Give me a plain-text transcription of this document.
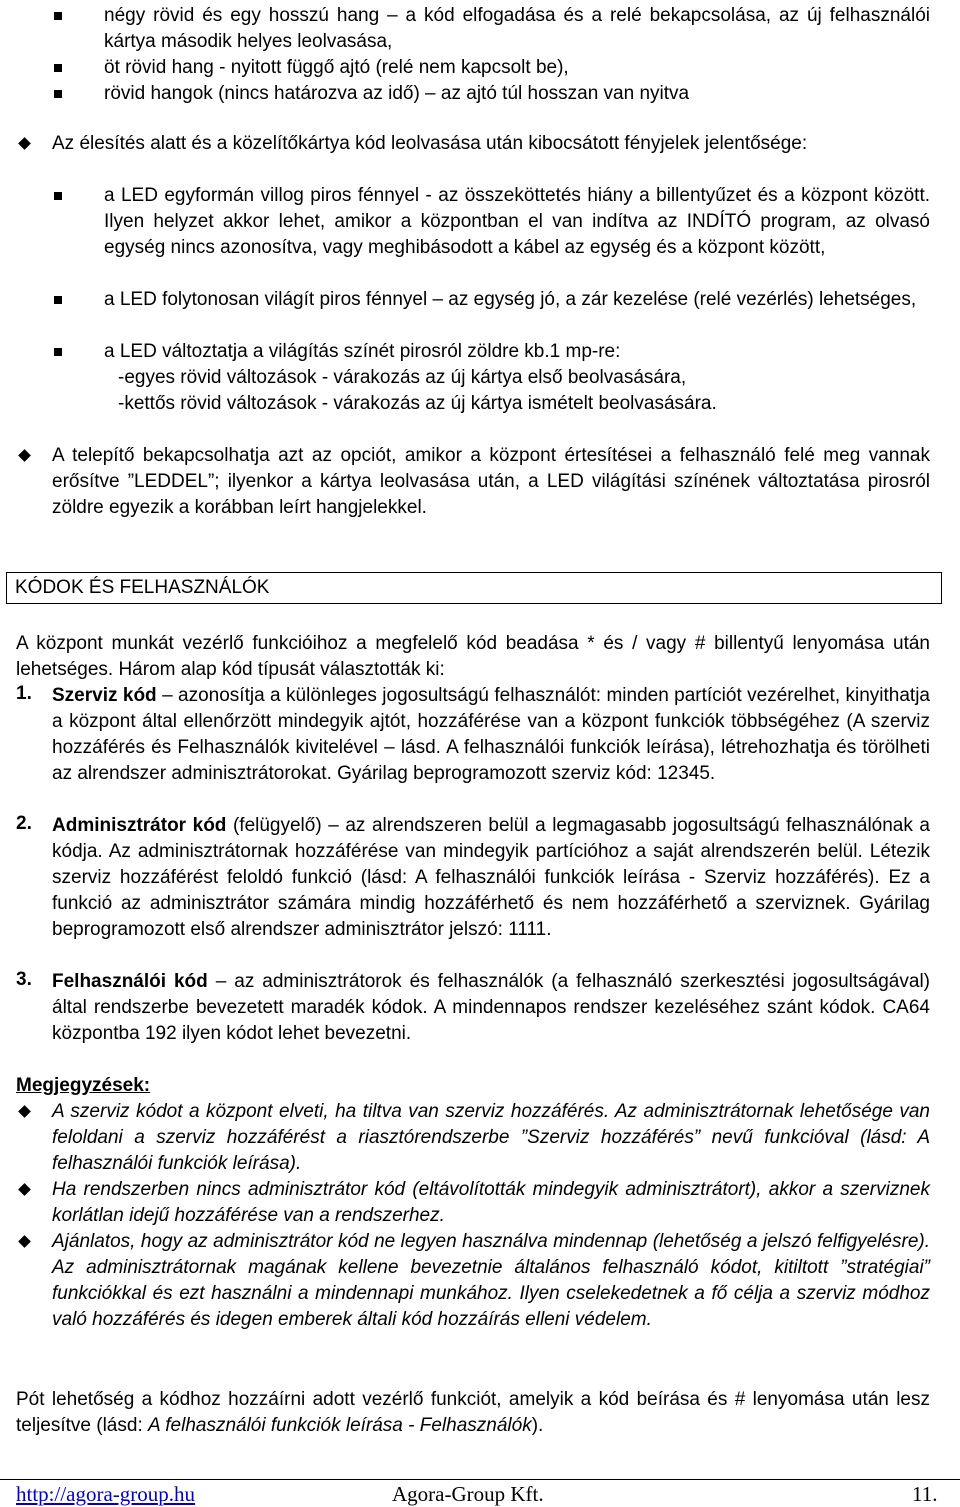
négy rövid és egy hosszú hang – a kód elfogadása és a relé bekapcsolása, az új felhasználói kártya második helyes leolvasása,

öt rövid hang - nyitott függő ajtó (relé nem kapcsolt be),

rövid hangok (nincs határozva az idő) – az ajtó túl hosszan van nyitva

Az élesítés alatt és a közelítőkártya kód leolvasása után kibocsátott fényjelek jelentősége:

a LED egyformán villog piros fénnyel - az összeköttetés hiány a billentyűzet és a központ között. Ilyen helyzet akkor lehet, amikor a központban el van indítva az INDÍTÓ program, az olvasó egység nincs azonosítva, vagy meghibásodott a kábel az egység és a központ között,

a LED folytonosan világít piros fénnyel – az egység jó, a zár kezelése (relé vezérlés) lehetséges,

a LED változtatja a világítás színét pirosról zöldre kb.1 mp-re:

-egyes rövid változások - várakozás az új kártya első beolvasására,

-kettős rövid változások - várakozás az új kártya ismételt beolvasására.

A telepítő bekapcsolhatja azt az opciót, amikor a központ értesítései a felhasználó felé meg vannak erősítve ”LEDDEL”; ilyenkor a kártya leolvasása után, a LED világítási színének változtatása pirosról zöldre egyezik a korábban leírt hangjelekkel.

KÓDOK ÉS FELHASZNÁLÓK

A központ munkát vezérlő funkcióihoz a megfelelő kód beadása * és / vagy # billentyű lenyomása után lehetséges. Három alap kód típusát választották ki:

1. Szerviz kód – azonosítja a különleges jogosultságú felhasználót: minden partíciót vezérelhet, kinyithatja a központ által ellenőrzött mindegyik ajtót, hozzáférése van a központ funkciók többségéhez (A szerviz hozzáférés és Felhasználók kivitelével – lásd. A felhasználói funkciók leírása), létrehozhatja és törölheti az alrendszer adminisztrátorokat. Gyárilag beprogramozott szerviz kód: 12345.

2. Adminisztrátor kód (felügyelő) – az alrendszeren belül a legmagasabb jogosultságú felhasználónak a kódja. Az adminisztrátornak hozzáférése van mindegyik partícióhoz a saját alrendszerén belül. Létezik szerviz hozzáférést feloldó funkció (lásd: A felhasználói funkciók leírása - Szerviz hozzáférés). Ez a funkció az adminisztrátor számára mindig hozzáférhető és nem hozzáférhető a szerviznek. Gyárilag beprogramozott első alrendszer adminisztrátor jelszó: 1111.

3. Felhasználói kód – az adminisztrátorok és felhasználók (a felhasználó szerkesztési jogosultságával) által rendszerbe bevezetett maradék kódok. A mindennapos rendszer kezeléséhez szánt kódok. CA64 központba 192 ilyen kódot lehet bevezetni.

Megjegyzések:

A szerviz kódot a központ elveti, ha tiltva van szerviz hozzáférés. Az adminisztrátornak lehetősége van feloldani a szerviz hozzáférést a riasztórendszerbe ”Szerviz hozzáférés” nevű funkcióval (lásd: A felhasználói funkciók leírása).

Ha rendszerben nincs adminisztrátor kód (eltávolították mindegyik adminisztrátort), akkor a szerviznek korlátlan idejű hozzáférése van a rendszerhez.

Ajánlatos, hogy az adminisztrátor kód ne legyen használva mindennap (lehetőség a jelszó felfigyelésre). Az adminisztrátornak magának kellene bevezetnie általános felhasználó kódot, kitiltott ”stratégiai” funkciókkal és ezt használni a mindennapi munkához. Ilyen cselekedetnek a fő célja a szerviz módhoz való hozzáférés és idegen emberek általi kód hozzáírás elleni védelem.

Pót lehetőség a kódhoz hozzáírni adott vezérlő funkciót, amelyik a kód beírása és # lenyomása után lesz teljesítve (lásd: A felhasználói funkciók leírása - Felhasználók).

http://agora-group.hu	Agora-Group Kft.	11.
